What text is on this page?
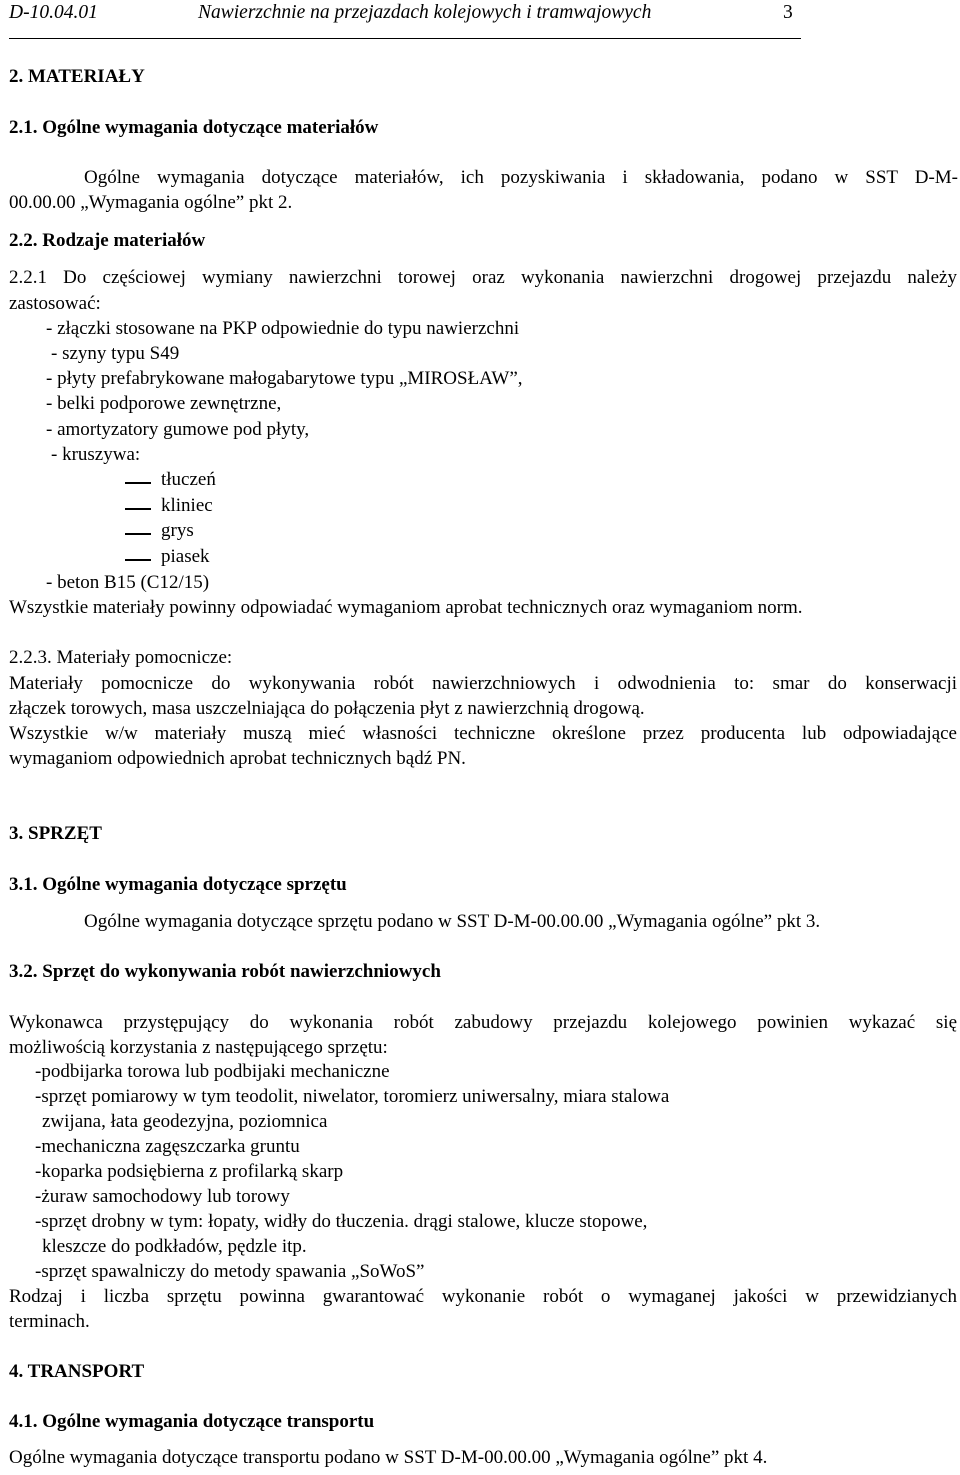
D-10.04.01	Nawierzchnie na przejazdach kolejowych i tramwajowych	3
2. MATERIAŁY
2.1. Ogólne wymagania dotyczące materiałów
Ogólne wymagania dotyczące materiałów, ich pozyskiwania i składowania, podano w SST D-M-
00.00.00 „Wymagania ogólne” pkt 2.
2.2. Rodzaje materiałów
2.2.1 Do częściowej wymiany nawierzchni torowej oraz wykonania nawierzchni drogowej przejazdu należy
zastosować:
- złączki stosowane na PKP odpowiednie do typu nawierzchni
- szyny typu S49
- płyty prefabrykowane małogabarytowe typu „MIROSŁAW”,
- belki podporowe zewnętrzne,
- amortyzatory gumowe pod płyty,
- kruszywa:
tłuczeń
kliniec
grys
piasek
- beton B15 (C12/15)
Wszystkie materiały powinny odpowiadać wymaganiom aprobat technicznych oraz wymaganiom norm.
2.2.3. Materiały pomocnicze:
Materiały pomocnicze do wykonywania robót nawierzchniowych i odwodnienia to: smar do konserwacji
złączek torowych, masa uszczelniająca do połączenia płyt z nawierzchnią drogową.
Wszystkie w/w materiały muszą mieć własności techniczne określone przez producenta lub odpowiadające
wymaganiom odpowiednich aprobat technicznych bądź PN.
3. SPRZĘT
3.1. Ogólne wymagania dotyczące sprzętu
Ogólne wymagania dotyczące sprzętu podano w SST D-M-00.00.00 „Wymagania ogólne” pkt 3.
3.2. Sprzęt do wykonywania robót nawierzchniowych
Wykonawca przystępujący do wykonania robót zabudowy przejazdu kolejowego powinien wykazać się
możliwością korzystania z następującego sprzętu:
-podbijarka torowa lub podbijaki mechaniczne
-sprzęt pomiarowy w tym teodolit, niwelator, toromierz uniwersalny, miara stalowa
zwijana, łata geodezyjna, poziomnica
-mechaniczna zagęszczarka gruntu
-koparka podsiębierna z profilarką skarp
-żuraw samochodowy lub torowy
-sprzęt drobny w tym: łopaty, widły do tłuczenia. drągi stalowe, klucze stopowe,
kleszcze do podkładów, pędzle itp.
-sprzęt spawalniczy do metody spawania „SoWoS”
Rodzaj i liczba sprzętu powinna gwarantować wykonanie robót o wymaganej jakości w przewidzianych
terminach.
4. TRANSPORT
4.1. Ogólne wymagania dotyczące transportu
Ogólne wymagania dotyczące transportu podano w SST D-M-00.00.00 „Wymagania ogólne” pkt 4.
